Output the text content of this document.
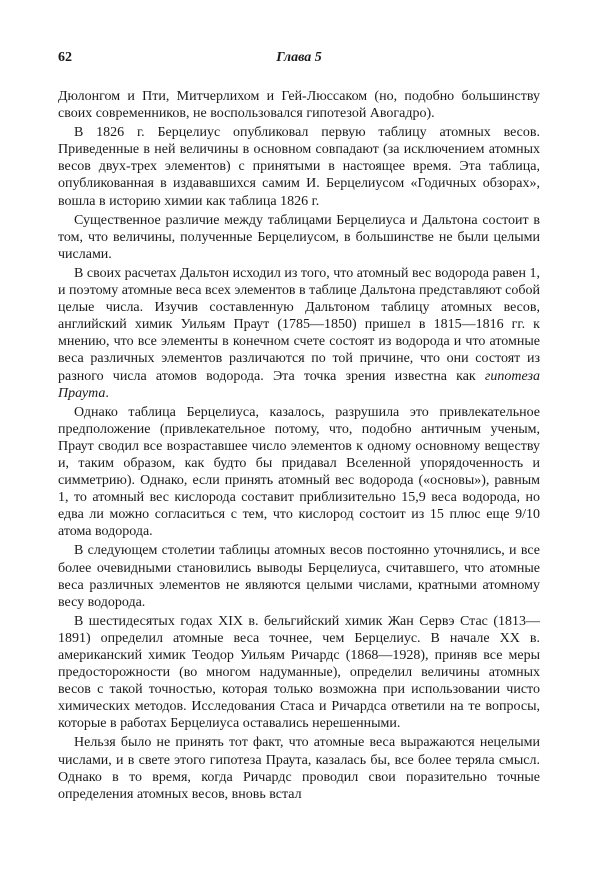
62	Глава 5

Дюлонгом и Пти, Митчерлихом и Гей-Люссаком (но, подобно большинству своих современников, не воспользовался гипотезой Авогадро).

В 1826 г. Берцелиус опубликовал первую таблицу атомных весов. Приведенные в ней величины в основном совпадают (за исключением атомных весов двух-трех элементов) с принятыми в настоящее время. Эта таблица, опубликованная в издававшихся самим И. Берцелиусом «Годичных обзорах», вошла в историю химии как таблица 1826 г.

Существенное различие между таблицами Берцелиуса и Дальтона состоит в том, что величины, полученные Берцелиусом, в большинстве не были целыми числами.

В своих расчетах Дальтон исходил из того, что атомный вес водорода равен 1, и поэтому атомные веса всех элементов в таблице Дальтона представляют собой целые числа. Изучив составленную Дальтоном таблицу атомных весов, английский химик Уильям Праут (1785—1850) пришел в 1815—1816 гг. к мнению, что все элементы в конечном счете состоят из водорода и что атомные веса различных элементов различаются по той причине, что они состоят из разного числа атомов водорода. Эта точка зрения известна как гипотеза Праута.

Однако таблица Берцелиуса, казалось, разрушила это привлекательное предположение (привлекательное потому, что, подобно античным ученым, Праут сводил все возраставшее число элементов к одному основному веществу и, таким образом, как будто бы придавал Вселенной упорядоченность и симметрию). Однако, если принять атомный вес водорода («основы»), равным 1, то атомный вес кислорода составит приблизительно 15,9 веса водорода, но едва ли можно согласиться с тем, что кислород состоит из 15 плюс еще 9/10 атома водорода.

В следующем столетии таблицы атомных весов постоянно уточнялись, и все более очевидными становились выводы Берцелиуса, считавшего, что атомные веса различных элементов не являются целыми числами, кратными атомному весу водорода.

В шестидесятых годах XIX в. бельгийский химик Жан Сервэ Стас (1813—1891) определил атомные веса точнее, чем Берцелиус. В начале XX в. американский химик Теодор Уильям Ричардс (1868—1928), приняв все меры предосторожности (во многом надуманные), определил величины атомных весов с такой точностью, которая только возможна при использовании чисто химических методов. Исследования Стаса и Ричардса ответили на те вопросы, которые в работах Берцелиуса оставались нерешенными.

Нельзя было не принять тот факт, что атомные веса выражаются нецелыми числами, и в свете этого гипотеза Праута, казалась бы, все более теряла смысл. Однако в то время, когда Ричардс проводил свои поразительно точные определения атомных весов, вновь встал
